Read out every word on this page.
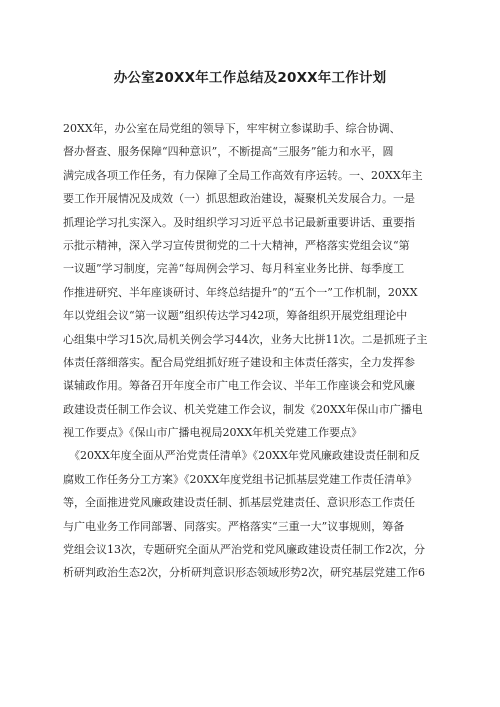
办公室20XX年工作总结及20XX年工作计划
20XX年，办公室在局党组的领导下，牢牢树立参谋助手、综合协调、
督办督查、服务保障“四种意识”，不断提高“三服务”能力和水平，圆
满完成各项工作任务，有力保障了全局工作高效有序运转。一、20XX年主
要工作开展情况及成效（一）抓思想政治建设，凝聚机关发展合力。一是
抓理论学习扎实深入。及时组织学习习近平总书记最新重要讲话、重要指
示批示精神，深入学习宣传贯彻党的二十大精神，严格落实党组会议“第
一议题”学习制度，完善“每周例会学习、每月科室业务比拼、每季度工
作推进研究、半年座谈研讨、年终总结提升”的“五个一”工作机制，20XX
年以党组会议“第一议题”组织传达学习42项，筹备组织开展党组理论中
心组集中学习15次,局机关例会学习44次，业务大比拼11次。二是抓班子主
体责任落细落实。配合局党组抓好班子建设和主体责任落实，全力发挥参
谋辅政作用。筹备召开年度全市广电工作会议、半年工作座谈会和党风廉
政建设责任制工作会议、机关党建工作会议，制发《20XX年保山市广播电
视工作要点》《保山市广播电视局20XX年机关党建工作要点》
《20XX年度全面从严治党责任清单》《20XX年党风廉政建设责任制和反
腐败工作任务分工方案》《20XX年度党组书记抓基层党建工作责任清单》
等，全面推进党风廉政建设责任制、抓基层党建责任、意识形态工作责任
与广电业务工作同部署、同落实。严格落实“三重一大”议事规则，筹备
党组会议13次，专题研究全面从严治党和党风廉政建设责任制工作2次，分
析研判政治生态2次，分析研判意识形态领域形势2次，研究基层党建工作6
